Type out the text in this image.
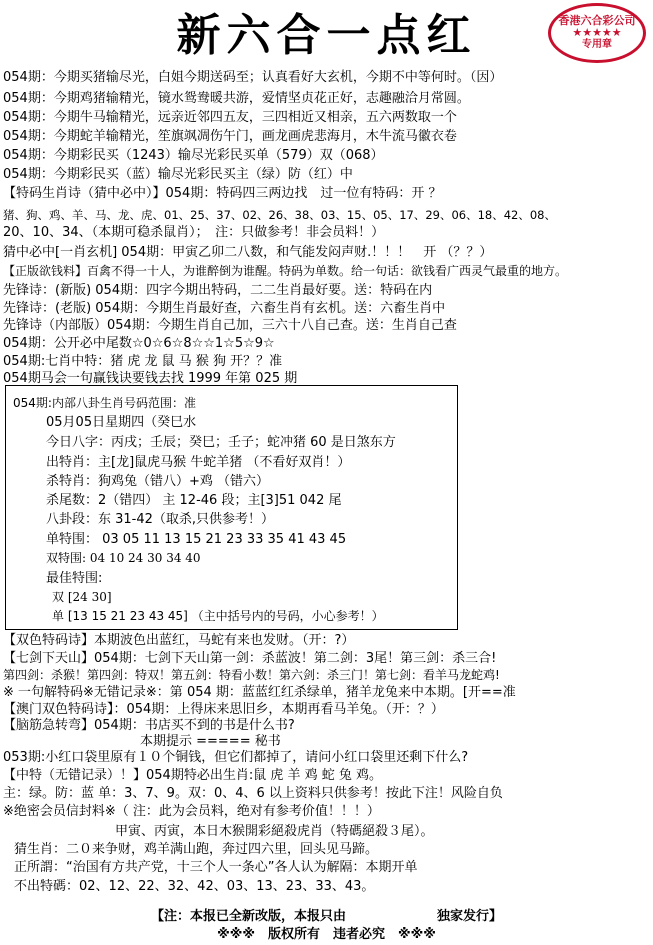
新六合一点红	香港六合彩公司
★★★★★
专用章
054期：今期买猪输尽光，白姐今期送码至；认真看好大玄机，今期不中等何时。（因）
054期：今期鸡猪输精光，镜水鸳鸯暖共游，爱情坚贞花正好，志趣融洽月常圆。
054期：今期牛马输精光，远亲近邻四五友，三四相近又相亲，五六两数取一个
054期：今期蛇羊输精光，笙旗飒凋伤午门，画龙画虎悲海月，木牛流马徽衣卷
054期：今期彩民买（1243）输尽光彩民买单（579）双（068）
054期：今期彩民买（蓝）输尽光彩民买主（绿）防（红）中
【特码生肖诗（猜中必中）】054期：特码四三两边找　过一位有特码：开 ？
猪、狗、鸡、羊、马、龙、虎、01、25、37、02、26、38、03、15、05、17、29、06、18、42、08、
20、10、34、（本期可稳杀鼠肖）；　注：只做参考！非会员料！）
猜中必中[一肖玄机] 054期：甲寅乙卯二八数，和气能发闷声财.！！！　开 （？？）
【正版欲钱料】百禽不得一十人，为谁醉倒为谁醒。特码为单数。给一句话：欲钱看广西灵气最重的地方。
先锋诗：(新版) 054期：四字今期出特码，二二生肖最好要。送：特码在内
先锋诗：(老版) 054期：今期生肖最好查，六畜生肖有玄机。送：六畜生肖中
先锋诗（内部版）054期：今期生肖自己加，三六十八自己查。送：生肖自己查
054期：公开必中尾数☆0☆6☆8☆☆1☆5☆9☆
054期:七肖中特：猪 虎 龙 鼠 马 猴 狗 开？？准
054期马会一句赢钱诀要钱去找 1999 年第 025 期
054期:内部八卦生肖号码范围：准
05月05日星期四（癸巳水
今日八字：丙戌；壬辰；癸巳；壬子；蛇冲猪 60 是日煞东方
出特肖：主[龙]鼠虎马猴 牛蛇羊猪 （不看好双肖！）
杀特肖：狗鸡兔（错八）+鸡 （错六）
杀尾数：2（错四） 主 12-46 段；主[3]51 042 尾
八卦段：东 31-42（取杀,只供参考！）
单特围： 03 05 11 13 15 21 23 33 35 41 43 45
双特围: 04 10 24 30 34 40
最佳特围:
双 [24 30]
单 [13 15 21 23 43 45] （主中括号内的号码，小心参考！）
【双色特码诗】本期波色出蓝红，马蛇有来也发财。（开：?）
【七剑下天山】054期：七剑下天山第一剑：杀蓝波！第二剑：3尾！第三剑：杀三合!
第四剑：杀猴！第四剑：特双！第五剑：特看小数！第六剑：杀三门！第七剑：看羊马龙蛇鸡!
※ 一句解特码※无错记录※：第 054 期：蓝蓝红红杀绿单，猪羊龙兔来中本期。[开==准
【澳门双色特码诗】：054期：上得床来思旧乡，本期再看马羊兔。（开：？）
【脑筋急转弯】054期：书店买不到的书是什么书?
本期提示 ===== 秘书
053期:小红口袋里原有１０个铜钱，但它们都掉了，请问小红口袋里还剩下什么?
【中特（无错记录）！】054期特必出生肖:鼠 虎 羊 鸡 蛇 兔 鸡。
主：绿。防：蓝 单：3、7、9。双：0、4、6 以上资料只供参考！按此下注！风险自负
※绝密会员信封料※（ 注：此为会员料，绝对有参考价值！！！）
甲寅、丙寅，本日木猴開彩絕殺虎肖（特碼絕殺３尾）。
猜生肖：二０来争财，鸡羊满山跑，奔过四六里，回头见马蹄。
正所謂：“治国有方共产党，十三个人一条心”各人认为解隔：本期开单
不出特碼：02、12、22、32、42、03、13、23、33、43。
【注：本报已全新改版，本报只由　　　　　　　独家发行】
※※※　版权所有　违者必究　※※※
